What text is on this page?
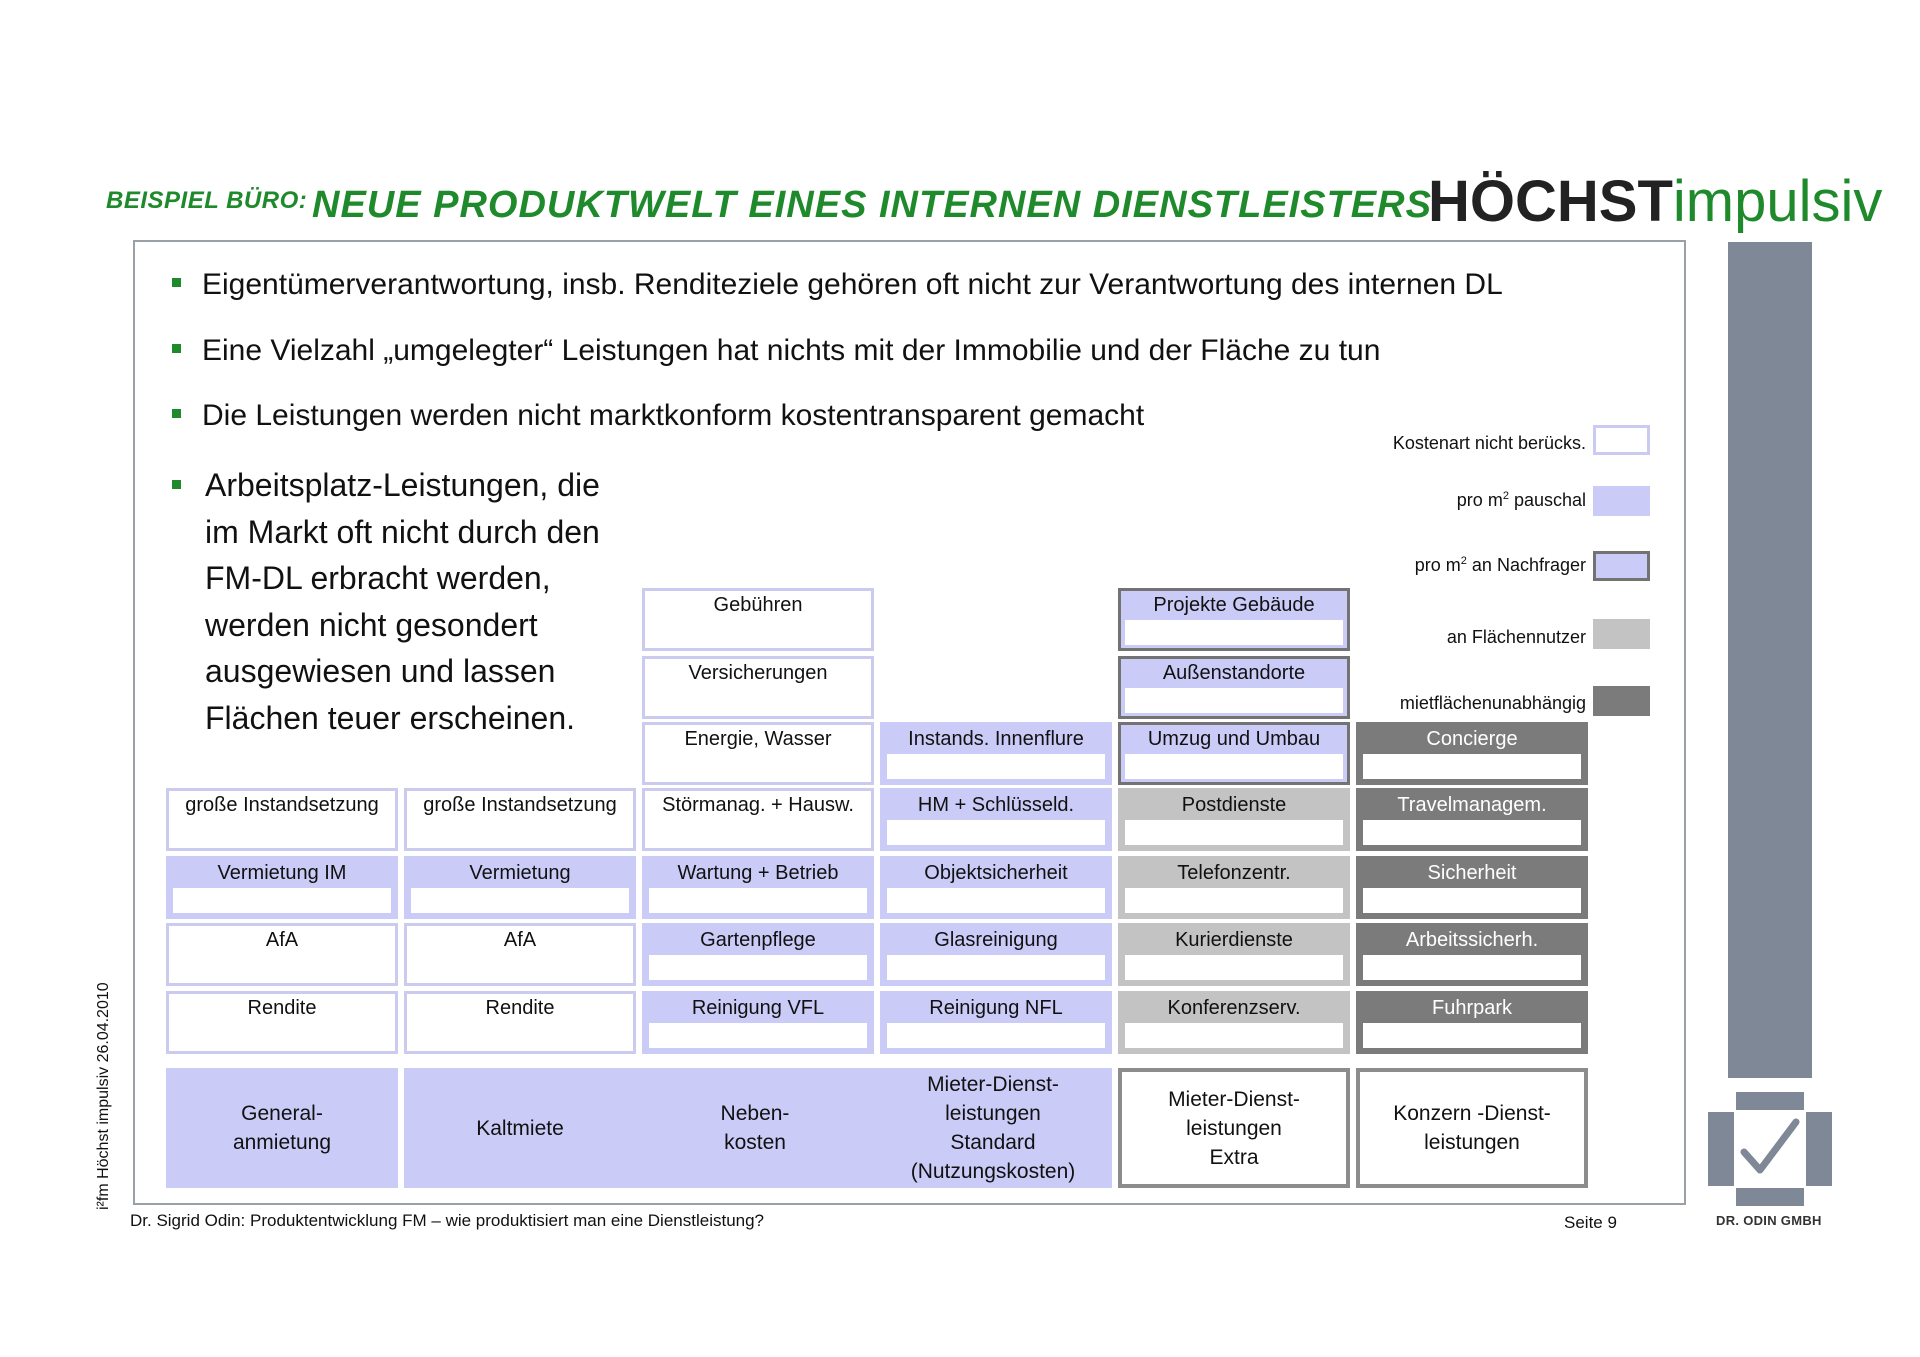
BEISPIEL BÜRO: NEUE PRODUKTWELT EINES INTERNEN DIENSTLEISTERS
HÖCHSTimpulsiv
Eigentümerverantwortung, insb. Renditeziele gehören oft nicht zur Verantwortung des internen DL
Eine Vielzahl „umgelegter“ Leistungen hat nichts mit der Immobilie und der Fläche zu tun
Die Leistungen werden nicht marktkonform kostentransparent gemacht
Arbeitsplatz-Leistungen, die
im Markt oft nicht durch den
FM-DL erbracht werden,
werden nicht gesondert
ausgewiesen und lassen
Flächen teuer erscheinen.
Kostenart nicht berücks.
pro $m^2$ pauschal
pro $m^2$ an Nachfrager
an Flächennutzer
mietflächenunabhängig
große Instandsetzung
Vermietung IM
AfA
Rendite
große Instandsetzung
Vermietung
AfA
Rendite
Gebühren
Versicherungen
Energie, Wasser
Störmanag. + Hausw.
Wartung + Betrieb
Gartenpflege
Reinigung VFL
Instands. Innenflure
HM + Schlüsseld.
Objektsicherheit
Glasreinigung
Reinigung NFL
Projekte Gebäude
Außenstandorte
Umzug und Umbau
Postdienste
Telefonzentr.
Kurierdienste
Konferenzserv.
Concierge
Travelmanagem.
Sicherheit
Arbeitssicherh.
Fuhrpark
General-
anmietung
Kaltmiete
Neben-
kosten
Mieter-Dienst-
leistungen
Standard
(Nutzungskosten)
Mieter-Dienst-
leistungen
Extra
Konzern -Dienst-
leistungen
DR. ODIN GMBH
Dr. Sigrid Odin: Produktentwicklung FM – wie produktisiert man eine Dienstleistung?	Seite 9
i²fm Höchst impulsiv 26.04.2010
